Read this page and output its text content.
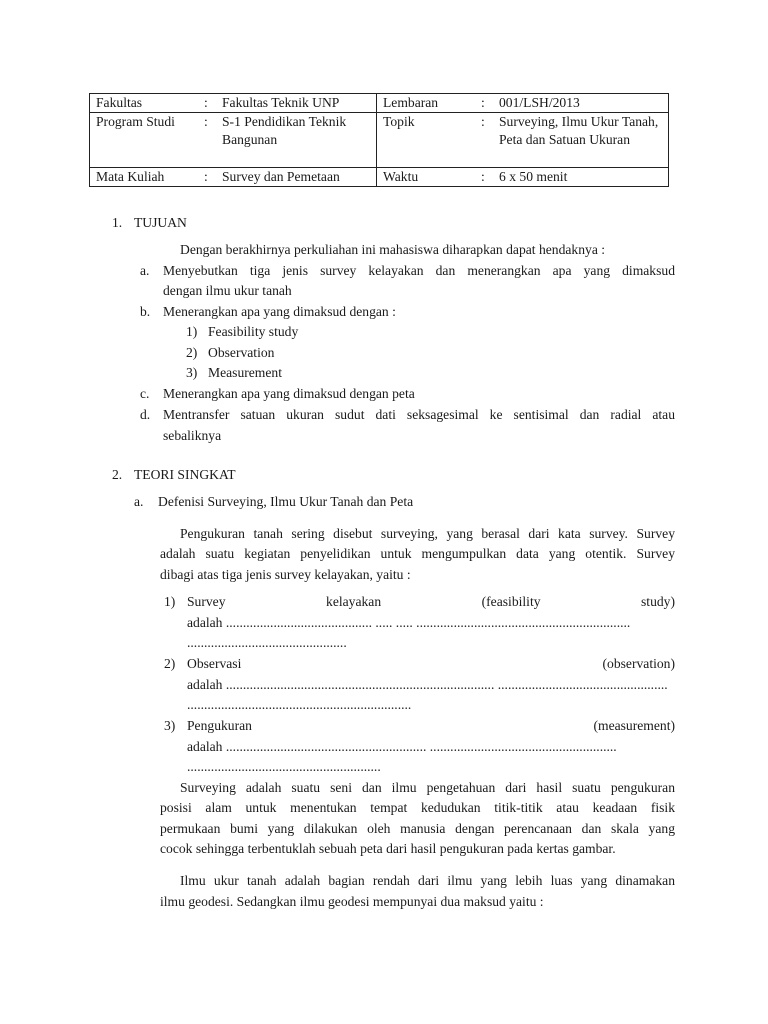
Fakultas : Fakultas Teknik UNP	Lembaran : 001/LSH/2013

Program Studi : S-1 Pendidikan Teknik Bangunan	Topik : Surveying, Ilmu Ukur Tanah, Peta dan Satuan Ukuran

Mata Kuliah : Survey dan Pemetaan	Waktu : 6 x 50 menit
1. TUJUAN
Dengan berakhirnya perkuliahan ini mahasiswa diharapkan dapat hendaknya :
a. Menyebutkan tiga jenis survey kelayakan dan menerangkan apa yang dimaksud
dengan ilmu ukur tanah
b. Menerangkan apa yang dimaksud dengan :
1) Feasibility study
2) Observation
3) Measurement
c. Menerangkan apa yang dimaksud dengan peta
d. Mentransfer satuan ukuran sudut dati seksagesimal ke sentisimal dan radial atau
sebaliknya
2. TEORI SINGKAT
a. Defenisi Surveying, Ilmu Ukur Tanah dan Peta
Pengukuran tanah sering disebut surveying, yang berasal dari kata survey. Survey
adalah suatu kegiatan penyelidikan untuk mengumpulkan data yang otentik. Survey
dibagi atas tiga jenis survey kelayakan, yaitu :
1) Survey	kelayakan	(feasibility	study)
adalah ........................................... ..... ..... ...............................................................
...............................................
2) Observasi	(observation)
adalah ............................................................................... ..................................................
..................................................................
3) Pengukuran	(measurement)
adalah ........................................................... .......................................................
.........................................................
Surveying adalah suatu seni dan ilmu pengetahuan dari hasil suatu pengukuran
posisi alam untuk menentukan tempat kedudukan titik-titik atau keadaan fisik
permukaan bumi yang dilakukan oleh manusia dengan perencanaan dan skala yang
cocok sehingga terbentuklah sebuah peta dari hasil pengukuran pada kertas gambar.
Ilmu ukur tanah adalah bagian rendah dari ilmu yang lebih luas yang dinamakan
ilmu geodesi. Sedangkan ilmu geodesi mempunyai dua maksud yaitu :
